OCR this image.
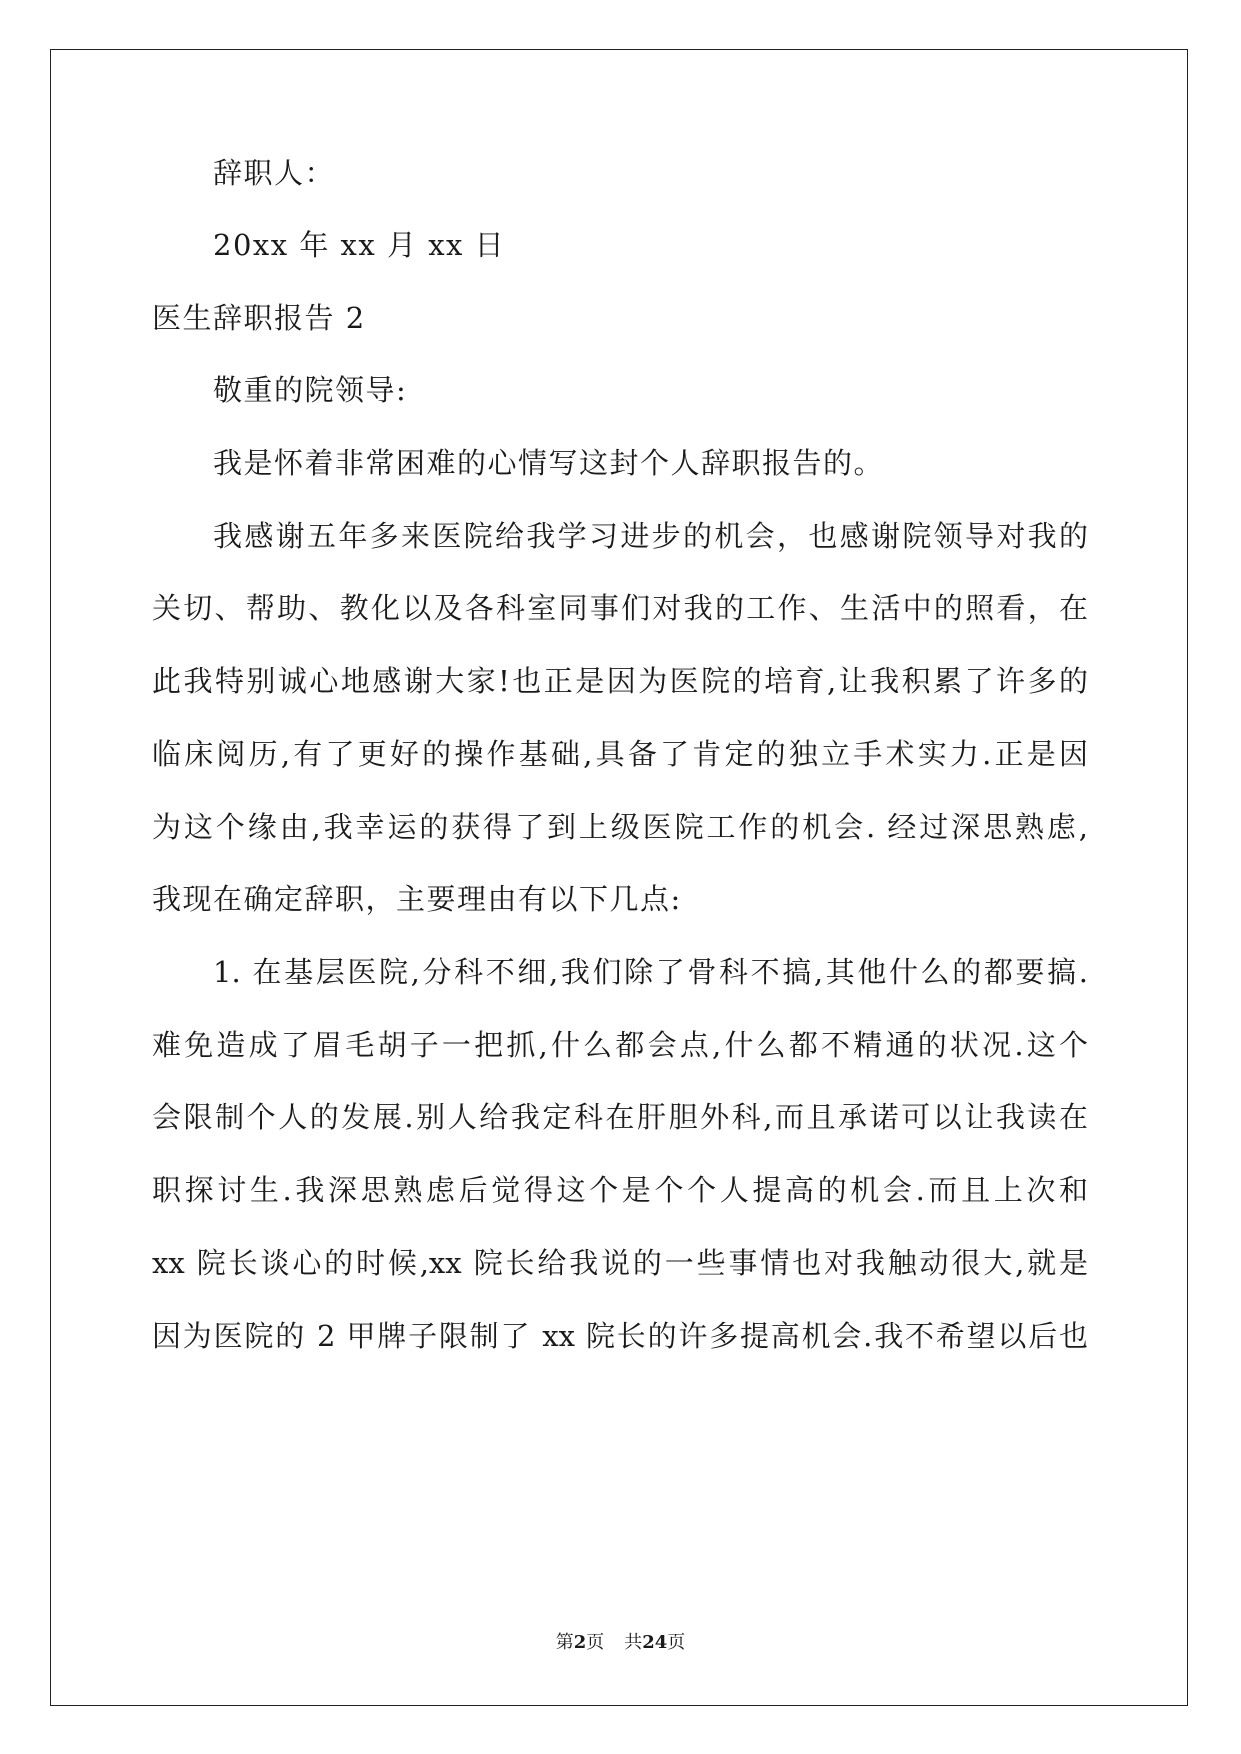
辞职人：
20xx 年 xx 月 xx 日
医生辞职报告 2
敬重的院领导:
我是怀着非常困难的心情写这封个人辞职报告的。
我感谢五年多来医院给我学习进步的机会，也感谢院领导对我的
关切、帮助、教化以及各科室同事们对我的工作、生活中的照看，在
此我特别诚心地感谢大家!也正是因为医院的培育,让我积累了许多的
临床阅历,有了更好的操作基础,具备了肯定的独立手术实力.正是因
为这个缘由,我幸运的获得了到上级医院工作的机会. 经过深思熟虑,
我现在确定辞职，主要理由有以下几点:
1. 在基层医院,分科不细,我们除了骨科不搞,其他什么的都要搞.
难免造成了眉毛胡子一把抓,什么都会点,什么都不精通的状况.这个
会限制个人的发展.别人给我定科在肝胆外科,而且承诺可以让我读在
职探讨生.我深思熟虑后觉得这个是个个人提高的机会.而且上次和
xx 院长谈心的时候,xx 院长给我说的一些事情也对我触动很大,就是
因为医院的 2 甲牌子限制了 xx 院长的许多提高机会.我不希望以后也
第2页 共24页
